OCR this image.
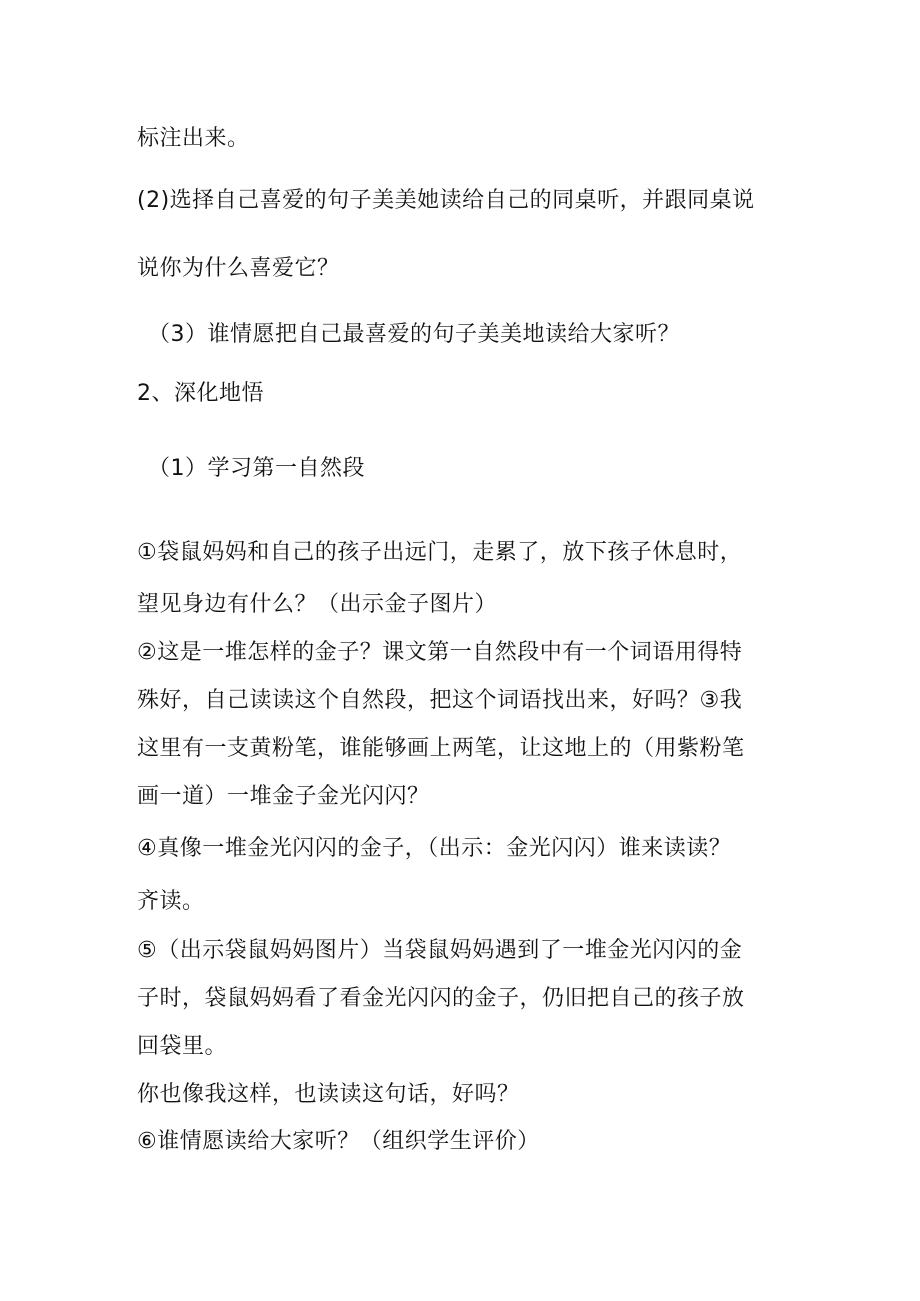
标注出来。
(2)选择自己喜爱的句子美美她读给自己的同桌听，并跟同桌说
说你为什么喜爱它？
（3）谁情愿把自己最喜爱的句子美美地读给大家听？
2、深化地悟
（1）学习第一自然段
①袋鼠妈妈和自己的孩子出远门，走累了，放下孩子休息时，
望见身边有什么？（出示金子图片）
②这是一堆怎样的金子？课文第一自然段中有一个词语用得特
殊好，自己读读这个自然段，把这个词语找出来，好吗？③我
这里有一支黄粉笔，谁能够画上两笔，让这地上的（用紫粉笔
画一道）一堆金子金光闪闪？
④真像一堆金光闪闪的金子，（出示：金光闪闪）谁来读读？
齐读。
⑤（出示袋鼠妈妈图片）当袋鼠妈妈遇到了一堆金光闪闪的金
子时，袋鼠妈妈看了看金光闪闪的金子，仍旧把自己的孩子放
回袋里。
你也像我这样，也读读这句话，好吗？
⑥谁情愿读给大家听？（组织学生评价）
